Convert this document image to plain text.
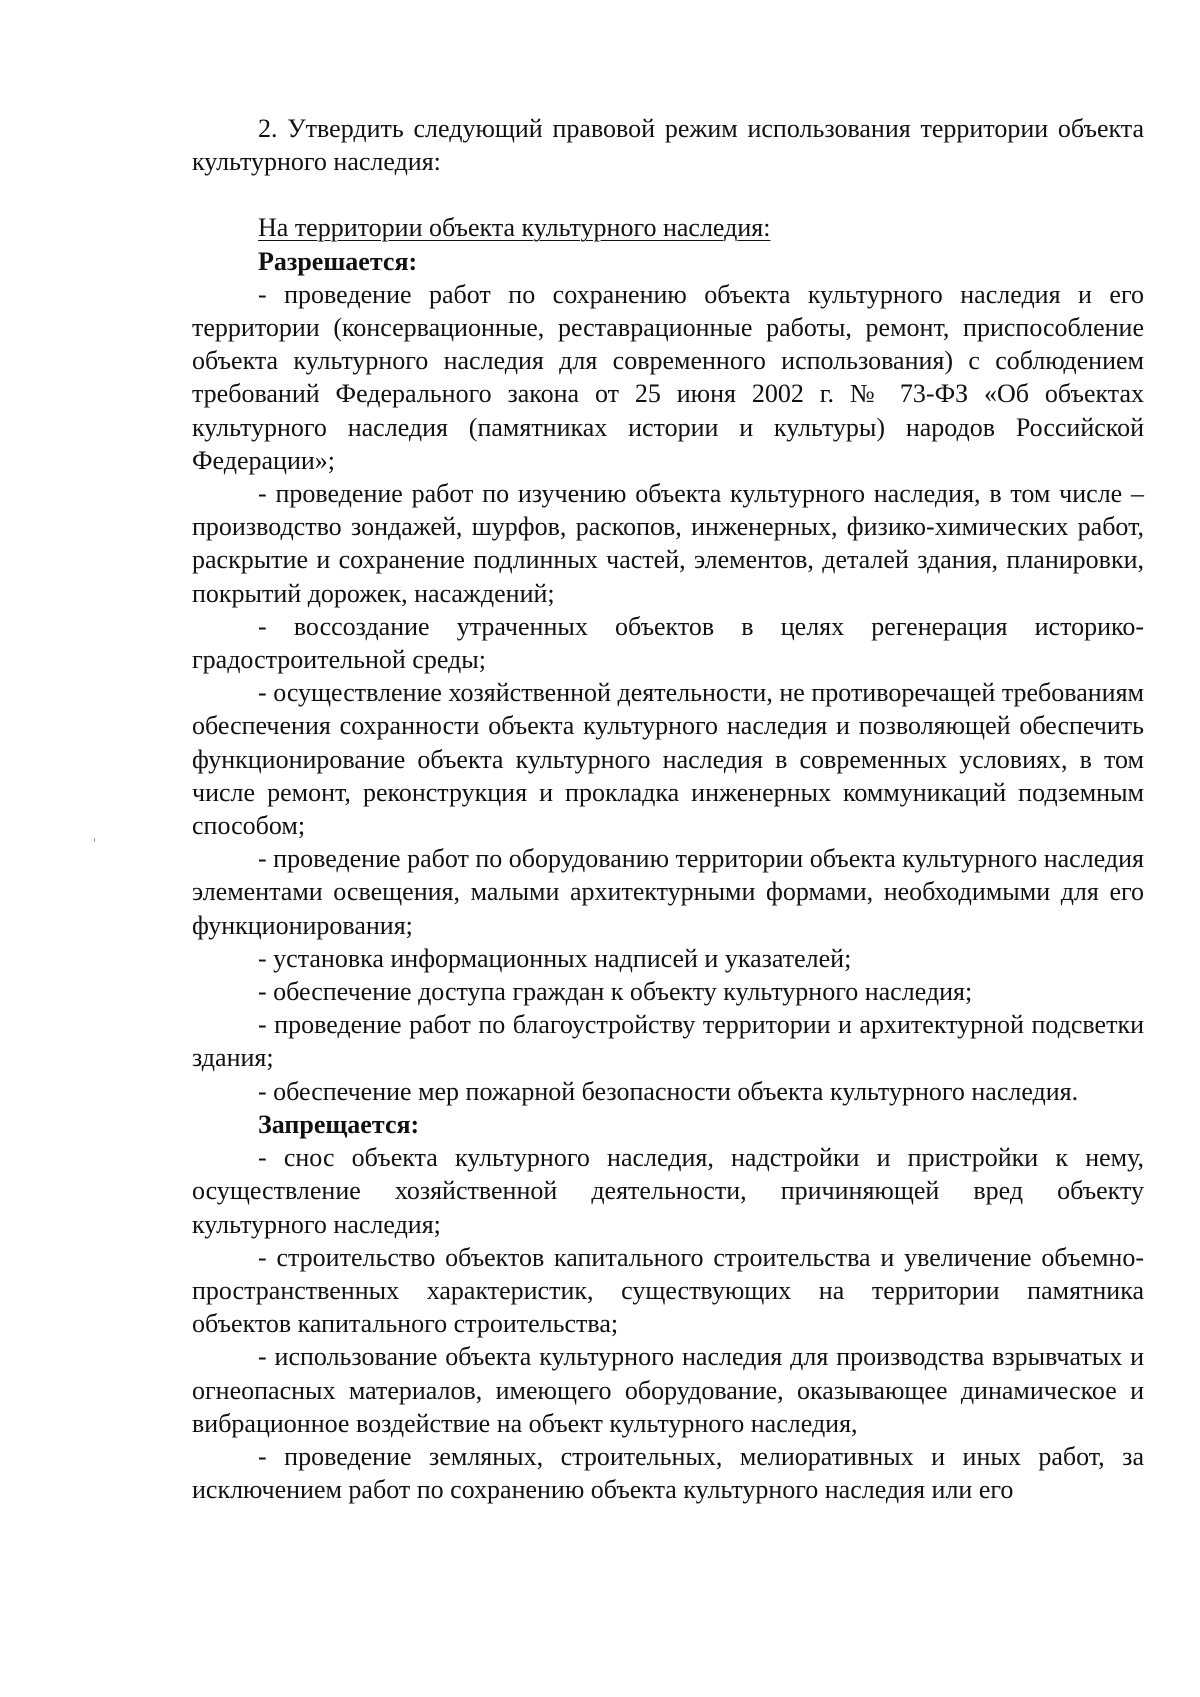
2. Утвердить следующий правовой режим использования территории объекта культурного наследия:

На территории объекта культурного наследия:
Разрешается:

- проведение работ по сохранению объекта культурного наследия и его территории (консервационные, реставрационные работы, ремонт, приспособление объекта культурного наследия для современного использования) с соблюдением требований Федерального закона от 25 июня 2002 г. № 73-ФЗ «Об объектах культурного наследия (памятниках истории и культуры) народов Российской Федерации»;

- проведение работ по изучению объекта культурного наследия, в том числе – производство зондажей, шурфов, раскопов, инженерных, физико-химических работ, раскрытие и сохранение подлинных частей, элементов, деталей здания, планировки, покрытий дорожек, насаждений;

- воссоздание утраченных объектов в целях регенерация историко-градостроительной среды;

- осуществление хозяйственной деятельности, не противоречащей требованиям обеспечения сохранности объекта культурного наследия и позволяющей обеспечить функционирование объекта культурного наследия в современных условиях, в том числе ремонт, реконструкция и прокладка инженерных коммуникаций подземным способом;

- проведение работ по оборудованию территории объекта культурного наследия элементами освещения, малыми архитектурными формами, необходимыми для его функционирования;

- установка информационных надписей и указателей;

- обеспечение доступа граждан к объекту культурного наследия;

- проведение работ по благоустройству территории и архитектурной подсветки здания;

- обеспечение мер пожарной безопасности объекта культурного наследия.

Запрещается:

- снос объекта культурного наследия, надстройки и пристройки к нему, осуществление хозяйственной деятельности, причиняющей вред объекту культурного наследия;

- строительство объектов капитального строительства и увеличение объемно-пространственных характеристик, существующих на территории памятника объектов капитального строительства;

- использование объекта культурного наследия для производства взрывчатых и огнеопасных материалов, имеющего оборудование, оказывающее динамическое и вибрационное воздействие на объект культурного наследия,

- проведение земляных, строительных, мелиоративных и иных работ, за исключением работ по сохранению объекта культурного наследия или его
